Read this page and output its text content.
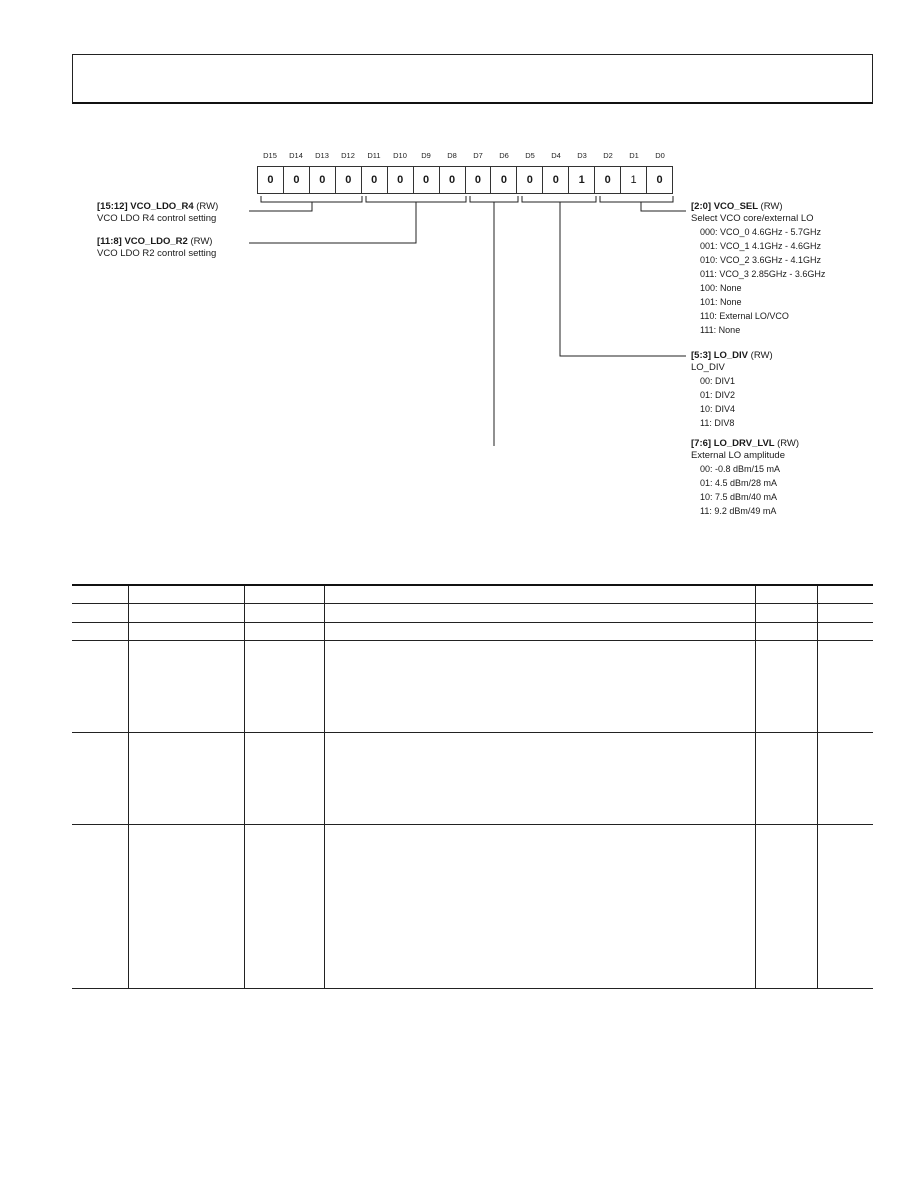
D15	D14	D13	D12	D11	D10	D9	D8	D7	D6	D5	D4	D3	D2	D1	D0
0	0	0	0	0	0	0	0	0	0	0	0	1	0	1	0
[15:12] VCO_LDO_R4 (RW)
VCO LDO R4 control setting
[11:8] VCO_LDO_R2 (RW)
VCO LDO R2 control setting
[2:0] VCO_SEL (RW)
Select VCO core/external LO
000: VCO_0 4.6GHz - 5.7GHz
001: VCO_1 4.1GHz - 4.6GHz
010: VCO_2 3.6GHz - 4.1GHz
011: VCO_3 2.85GHz - 3.6GHz
100: None
101: None
110: External LO/VCO
111: None
[5:3] LO_DIV (RW)
LO_DIV
00: DIV1
01: DIV2
10: DIV4
11: DIV8
[7:6] LO_DRV_LVL (RW)
External LO amplitude
00: -0.8 dBm/15 mA
01: 4.5 dBm/28 mA
10: 7.5 dBm/40 mA
11: 9.2 dBm/49 mA
